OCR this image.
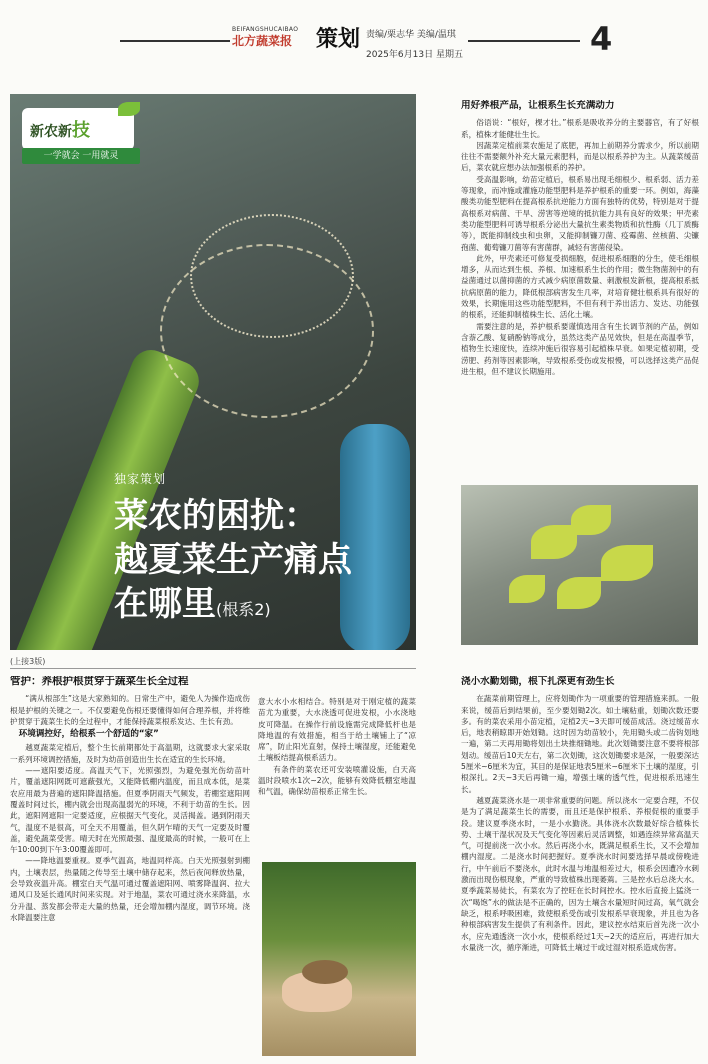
BEIFANGSHUCAIBAO
北方蔬菜报	策划 责编/栗志华 美编/温琪
2025年6月13日 星期五	4
新农新技
一学就会 一用就灵
独家策划
菜农的困扰：
越夏菜生产痛点
在哪里(根系2)
(上接3版)
用好养根产品，让根系生长充满动力

俗语说：“根好，棵才壮。”根系是吸收养分的主要器官，有了好根系，植株才能健壮生长。

因蔬菜定植前菜农施足了底肥，再加上前期养分需求少，所以前期往往不需要额外补充大量元素肥料，而是以根系养护为主。从蔬菜缓苗后，菜农就应想办法加强根系的养护。

受高温影响，幼苗定植后，根系易出现毛细根少、根系弱、活力差等现象，而冲施或灌施功能型肥料是养护根系的重要一环。例如，海藻酸类功能型肥料在提高根系抗逆能力方面有独特的优势，特别是对于提高根系对病菌、干旱、涝害等逆境的抵抗能力具有良好的效果；甲壳素类功能型肥料可诱导根系分泌出大量抗生素类物质和抗性酶（几丁质酶等），既能抑制线虫和虫卵，又能抑制镰刀菌、疫霉菌、丝核菌、尖镰孢菌、葡萄镰刀菌等有害菌群，减轻有害菌侵染。

此外，甲壳素还可修复受损细胞，促进根系细胞的分生，使毛细根增多，从而达到生根、养根、加速根系生长的作用；微生物菌剂中的有益菌通过以菌抑菌的方式减少病原菌数量、刺激根发新根，提高根系抵抗病原菌的能力，降低根部病害发生几率，对培育健壮根系具有很好的效果，长期施用这些功能型肥料，不但有利于养出活力、发达、功能强的根系，还能抑制植株生长、活化土壤。

需要注意的是，养护根系要谨慎选用含有生长调节剂的产品，例如含萘乙酸、复硝酚钠等成分，虽然这类产品见效快，但是在高温季节，植物生长速度快，连续冲施后很容易引起植株早衰。如果定植初期，受涝肥、药剂等因素影响，导致根系受伤或发根慢，可以选择这类产品促进生根，但不建议长期施用。

管护：养根护根贯穿于蔬菜生长全过程

“满从根部生”这是大家熟知的。日常生产中，避免人为操作造成伤根是护根的关键之一。不仅要避免伤根还要懂得如何合理养根，并将维护贯穿于蔬菜生长的全过程中，才能保持蔬菜根系发达、生长有劲。

环境调控好，给根系一个舒适的“家”

越夏蔬菜定植后，整个生长前期都处于高温期，这就要求大家采取一系列环境调控措施，及时为幼苗创造出生长在适宜的生长环境。

——遮阳要适度。高温天气下，光照强烈，为避免强光伤幼苗叶片，覆盖遮阳网既可遮蔽强光，又能降低棚内温度，而且成本低，是菜农应用最为普遍的遮阳降温措施。但夏季阴雨天气频发，若棚室遮阳网覆盖时间过长，棚内就会出现高温弱光的环境，不利于幼苗的生长。因此，遮阳网遮阳一定要适度，应根据天气变化，灵活揭盖。遇到阴雨天气，温度不是很高，可全天不用覆盖，但久阴乍晴的天气一定要及时覆盖，避免蔬菜受害。晴天时在光照最强、温度最高的时候，一般可在上午10:00到下午3:00覆盖即可。

——降地温要重视。夏季气温高，地温同样高。白天光照强射到棚内，土壤表层，热量随之传导至土壤中储存起来，然后夜间释放热量，会导致夜温升高。棚室白天气温可通过覆盖遮阳网、喷雾降温润、拉大通风口及延长通风时间来实现。对于地温，菜农可通过浇水来降温，水分升温、蒸发都会带走大量的热量，还会增加棚内湿度，调节环境。浇水降温要注意

意大水小水相结合。特别是对于刚定植的蔬菜苗尤为重要，大水浇透可促进发根，小水浇地皮可降温。在操作行前设施需完成降低杆也是降地温的有效措施，相当于给土壤铺上了“凉席”，防止阳光直射，保持土壤湿度，还能避免土壤板结提高根系活力。

有条件的菜农还可安装喷灌设施，白天高温时段喷水1次~2次，能够有效降低棚室地温和气温，确保幼苗根系正常生长。

浇小水勤划锄，根下扎深更有劲生长

在蔬菜前期管理上，应将划锄作为一项重要的管理措施来抓。一般来说，缓苗后到结果前，至少要划锄2次。如土壤粘重，划锄次数还要多。有的菜农采用小苗定植，定植2天~3天即可缓苗成活。浇过缓苗水后，地表稍晾即开始划锄。这时因为幼苗较小，先用锄头或二齿钩划地一遍，第二天再用锄将划出土块推细锄地。此次划锄要注意不要将根部划动。缓苗后10天左右，第二次划锄，这次划锄要求是深，一般要深达5厘米~6厘米为宜，其目的是保证地表5厘米~6厘米下土壤的湿度，引根深扎。2天~3天后再锄一遍，增强土壤的透气性，促进根系迅速生长。

越夏蔬菜浇水是一项非常重要的问题。所以浇水一定要合理，不仅是为了满足蔬菜生长的需要，而且还是保护根系、养根促根的重要手段。建议夏季浇水时，一是小水勤浇。具体浇水次数最好综合植株长势、土壤干湿状况及天气变化等因素后灵活调整，如遇连续异常高温天气，可提前浇一次小水。然后再浇小水，既满足根系生长，又不会增加棚内湿度。二是浇水时间把握好。夏季浇水时间要选择早晨或傍晚进行，中午前后不要浇水，此时水温与地温相差过大，根系会因遭冷水刺激而出现伤根现象，严重的导致植株出现萎蔫。三是控水后总浇大水。夏季蔬菜易徒长，有菜农为了控旺在长时间控水。控水后直接上猛浇一次“喝饱”水的做法是不正确的，因为土壤含水量短时间过高，氧气就会缺乏，根系呼吸困难，致使根系受伤或引发根系早衰现象，并且也为各种根部病害发生提供了有利条件。因此，建议控水结束后首先浇一次小水，应先通透浇一次小水，使根系经过1天~2天的适应后，再进行加大水量浇一次，循序渐进，可降低土壤过干或过湿对根系造成伤害。
